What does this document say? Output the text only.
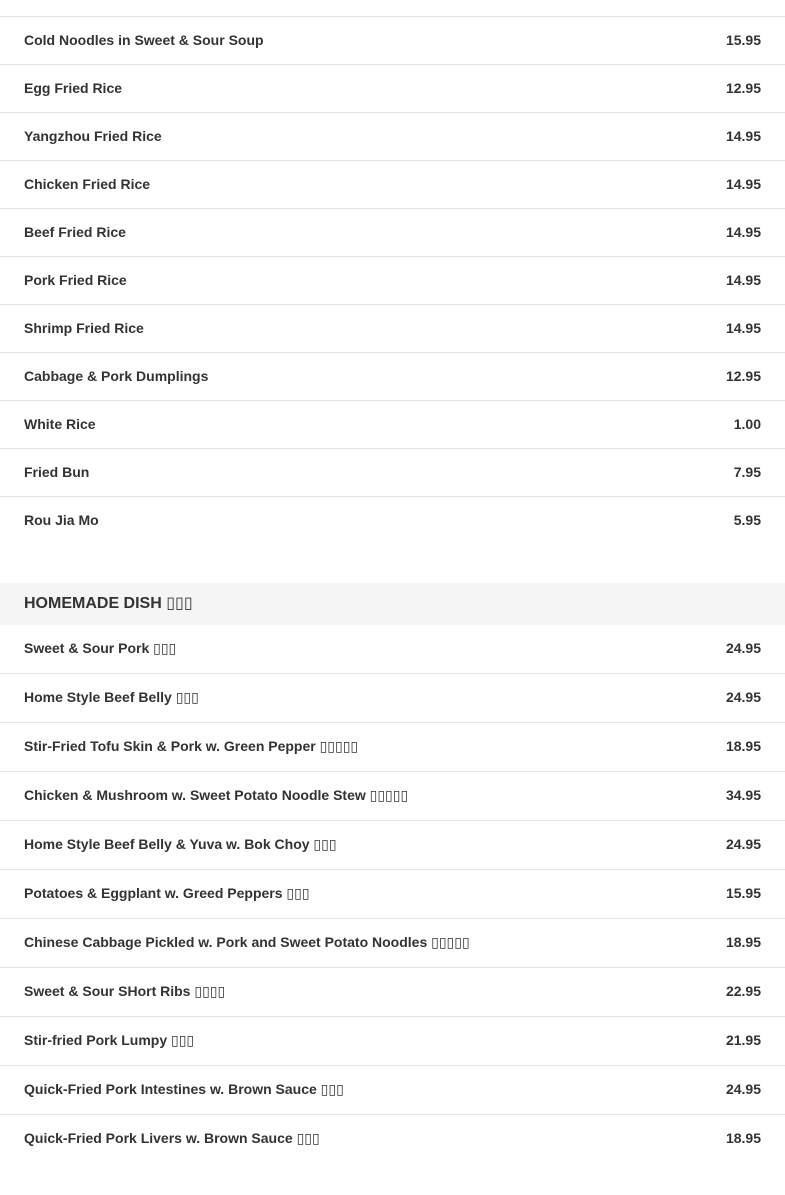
Cold Noodles in Sweet & Sour Soup	15.95
Egg Fried Rice	12.95
Yangzhou Fried Rice	14.95
Chicken Fried Rice	14.95
Beef Fried Rice	14.95
Pork Fried Rice	14.95
Shrimp Fried Rice	14.95
Cabbage & Pork Dumplings	12.95
White Rice	1.00
Fried Bun	7.95
Rou Jia Mo	5.95
HOMEMADE DISH ▯▯▯
Sweet & Sour Pork ▯▯▯	24.95
Home Style Beef Belly ▯▯▯	24.95
Stir-Fried Tofu Skin & Pork w. Green Pepper ▯▯▯▯▯	18.95
Chicken & Mushroom w. Sweet Potato Noodle Stew ▯▯▯▯▯	34.95
Home Style Beef Belly & Yuva w. Bok Choy ▯▯▯	24.95
Potatoes & Eggplant w. Greed Peppers ▯▯▯	15.95
Chinese Cabbage Pickled w. Pork and Sweet Potato Noodles ▯▯▯▯▯	18.95
Sweet & Sour SHort Ribs ▯▯▯▯	22.95
Stir-fried Pork Lumpy ▯▯▯	21.95
Quick-Fried Pork Intestines w. Brown Sauce ▯▯▯	24.95
Quick-Fried Pork Livers w. Brown Sauce ▯▯▯	18.95
